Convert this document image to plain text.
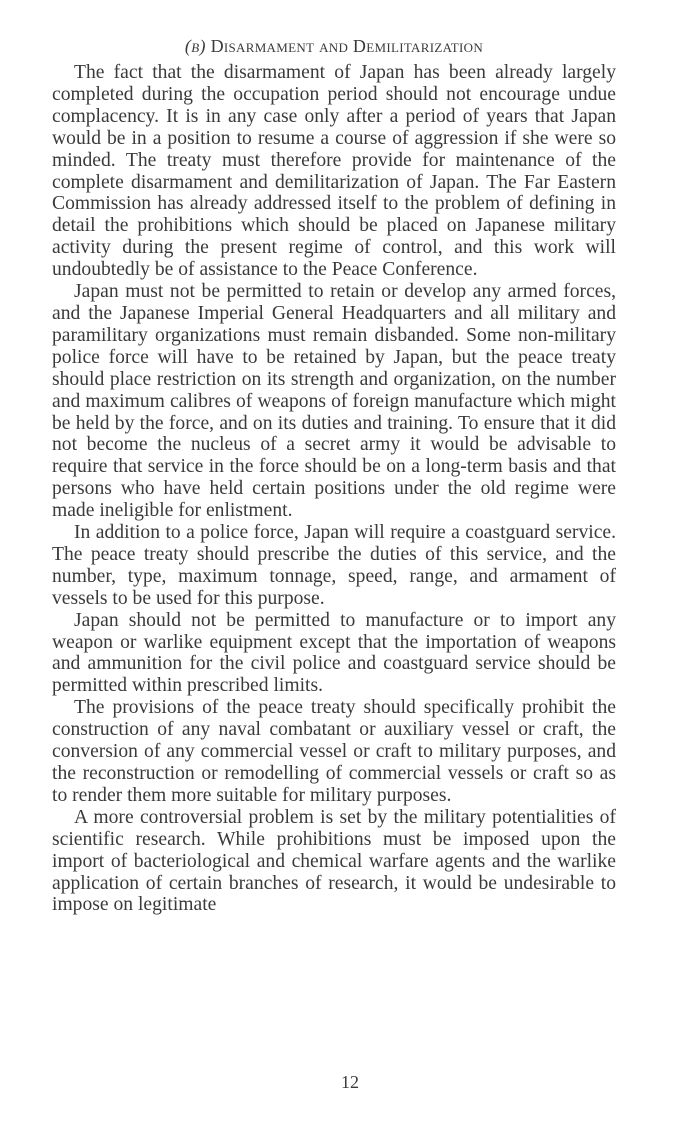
(b) Disarmament and Demilitarization

The fact that the disarmament of Japan has been already largely completed during the occupation period should not encourage undue complacency. It is in any case only after a period of years that Japan would be in a position to resume a course of aggression if she were so minded. The treaty must therefore provide for maintenance of the complete disarmament and demilitarization of Japan. The Far Eastern Commission has already addressed itself to the problem of defining in detail the prohibitions which should be placed on Japanese military activity during the present regime of control, and this work will undoubtedly be of assistance to the Peace Conference.

Japan must not be permitted to retain or develop any armed forces, and the Japanese Imperial General Headquarters and all military and paramilitary organizations must remain disbanded. Some non-military police force will have to be retained by Japan, but the peace treaty should place restriction on its strength and organization, on the number and maximum calibres of weapons of foreign manufacture which might be held by the force, and on its duties and training. To ensure that it did not become the nucleus of a secret army it would be advisable to require that service in the force should be on a long-term basis and that persons who have held certain positions under the old regime were made ineligible for enlistment.

In addition to a police force, Japan will require a coastguard service. The peace treaty should prescribe the duties of this service, and the number, type, maximum tonnage, speed, range, and armament of vessels to be used for this purpose.

Japan should not be permitted to manufacture or to import any weapon or warlike equipment except that the importation of weapons and ammunition for the civil police and coastguard service should be permitted within prescribed limits.

The provisions of the peace treaty should specifically prohibit the construction of any naval combatant or auxiliary vessel or craft, the conversion of any commercial vessel or craft to military purposes, and the reconstruction or remodelling of commercial vessels or craft so as to render them more suitable for military purposes.

A more controversial problem is set by the military potentialities of scientific research. While prohibitions must be imposed upon the import of bacteriological and chemical warfare agents and the warlike application of certain branches of research, it would be undesirable to impose on legitimate

12
